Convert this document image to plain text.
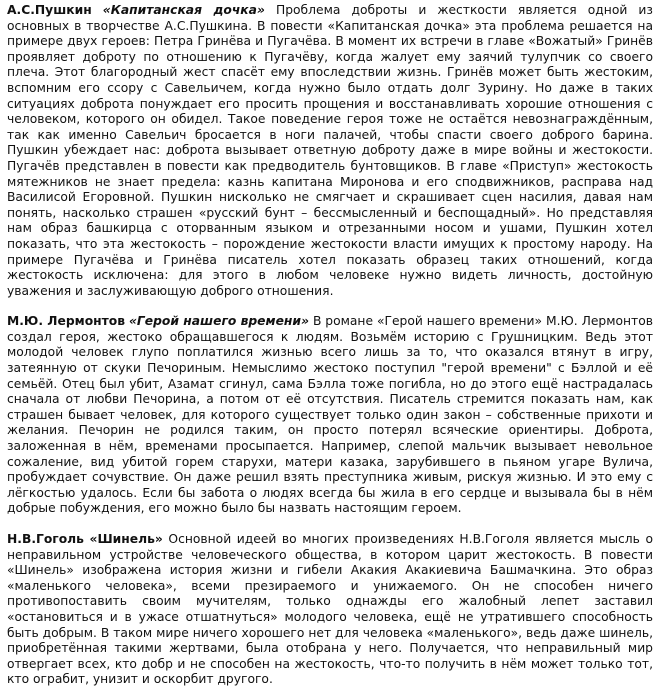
А.С.Пушкин «Капитанская дочка» Проблема доброты и жесткости является одной из основных в творчестве А.С.Пушкина. В повести «Капитанская дочка» эта проблема решается на примере двух героев: Петра Гринёва и Пугачёва. В момент их встречи в главе «Вожатый» Гринёв проявляет доброту по отношению к Пугачёву, когда жалует ему заячий тулупчик со своего плеча. Этот благородный жест спасёт ему впоследствии жизнь. Гринёв может быть жестоким, вспомним его ссору с Савельичем, когда нужно было отдать долг Зурину. Но даже в таких ситуациях доброта понуждает его просить прощения и восстанавливать хорошие отношения с человеком, которого он обидел. Такое поведение героя тоже не остаётся невознаграждённым, так как именно Савельич бросается в ноги палачей, чтобы спасти своего доброго барина. Пушкин убеждает нас: доброта вызывает ответную доброту даже в мире войны и жестокости. Пугачёв представлен в повести как предводитель бунтовщиков. В главе «Приступ» жестокость мятежников не знает предела: казнь капитана Миронова и его сподвижников, расправа над Василисой Егоровной. Пушкин нисколько не смягчает и скрашивает сцен насилия, давая нам понять, насколько страшен «русский бунт – бессмысленный и беспощадный». Но представляя нам образ башкирца с оторванным языком и отрезанными носом и ушами, Пушкин хотел показать, что эта жестокость – порождение жестокости власти имущих к простому народу. На примере Пугачёва и Гринёва писатель хотел показать образец таких отношений, когда жестокость исключена: для этого в любом человеке нужно видеть личность, достойную уважения и заслуживающую доброго отношения.

М.Ю. Лермонтов «Герой нашего времени» В романе «Герой нашего времени» М.Ю. Лермонтов создал героя, жестоко обращавшегося к людям. Возьмём историю с Грушницким. Ведь этот молодой человек глупо поплатился жизнью всего лишь за то, что оказался втянут в игру, затеянную от скуки Печориным. Немыслимо жестоко поступил "герой времени" с Бэллой и её семьёй. Отец был убит, Азамат сгинул, сама Бэлла тоже погибла, но до этого ещё настрадалась сначала от любви Печорина, а потом от её отсутствия. Писатель стремится показать нам, как страшен бывает человек, для которого существует только один закон – собственные прихоти и желания. Печорин не родился таким, он просто потерял всяческие ориентиры. Доброта, заложенная в нём, временами просыпается. Например, слепой мальчик вызывает невольное сожаление, вид убитой горем старухи, матери казака, зарубившего в пьяном угаре Вулича, пробуждает сочувствие. Он даже решил взять преступника живым, рискуя жизнью. И это ему с лёгкостью удалось. Если бы забота о людях всегда бы жила в его сердце и вызывала бы в нём добрые побуждения, его можно было бы назвать настоящим героем.

Н.В.Гоголь «Шинель» Основной идеей во многих произведениях Н.В.Гоголя является мысль о неправильном устройстве человеческого общества, в котором царит жестокость. В повести «Шинель» изображена история жизни и гибели Акакия Акакиевича Башмачкина. Это образ «маленького человека», всеми презираемого и унижаемого. Он не способен ничего противопоставить своим мучителям, только однажды его жалобный лепет заставил «остановиться и в ужасе отшатнуться» молодого человека, ещё не утратившего способность быть добрым. В таком мире ничего хорошего нет для человека «маленького», ведь даже шинель, приобретённая такими жертвами, была отобрана у него. Получается, что неправильный мир отвергает всех, кто добр и не способен на жестокость, что-то получить в нём может только тот, кто ограбит, унизит и оскорбит другого.
